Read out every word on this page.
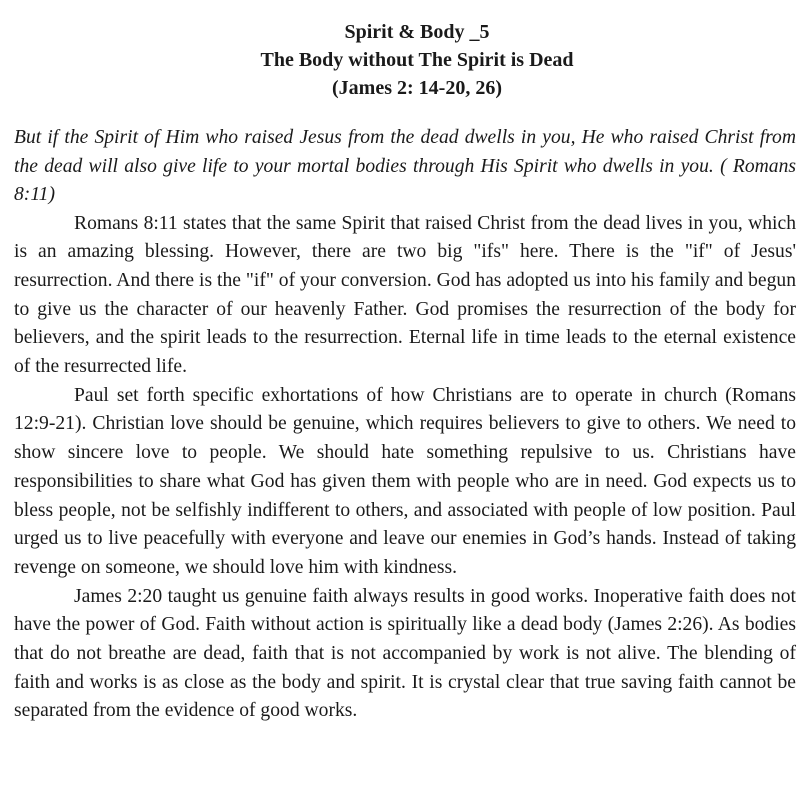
Spirit & Body _5
The Body without The Spirit is Dead
(James 2: 14-20, 26)
But if the Spirit of Him who raised Jesus from the dead dwells in you, He who raised Christ from the dead will also give life to your mortal bodies through His Spirit who dwells in you. ( Romans 8:11)
Romans 8:11 states that the same Spirit that raised Christ from the dead lives in you, which is an amazing blessing. However, there are two big "ifs" here. There is the "if" of Jesus' resurrection. And there is the "if" of your conversion. God has adopted us into his family and begun to give us the character of our heavenly Father. God promises the resurrection of the body for believers, and the spirit leads to the resurrection. Eternal life in time leads to the eternal existence of the resurrected life.
Paul set forth specific exhortations of how Christians are to operate in church (Romans 12:9-21). Christian love should be genuine, which requires believers to give to others. We need to show sincere love to people. We should hate something repulsive to us. Christians have responsibilities to share what God has given them with people who are in need. God expects us to bless people, not be selfishly indifferent to others, and associated with people of low position. Paul urged us to live peacefully with everyone and leave our enemies in God’s hands. Instead of taking revenge on someone, we should love him with kindness.
James 2:20 taught us genuine faith always results in good works. Inoperative faith does not have the power of God. Faith without action is spiritually like a dead body (James 2:26). As bodies that do not breathe are dead, faith that is not accompanied by work is not alive. The blending of faith and works is as close as the body and spirit. It is crystal clear that true saving faith cannot be separated from the evidence of good works.
